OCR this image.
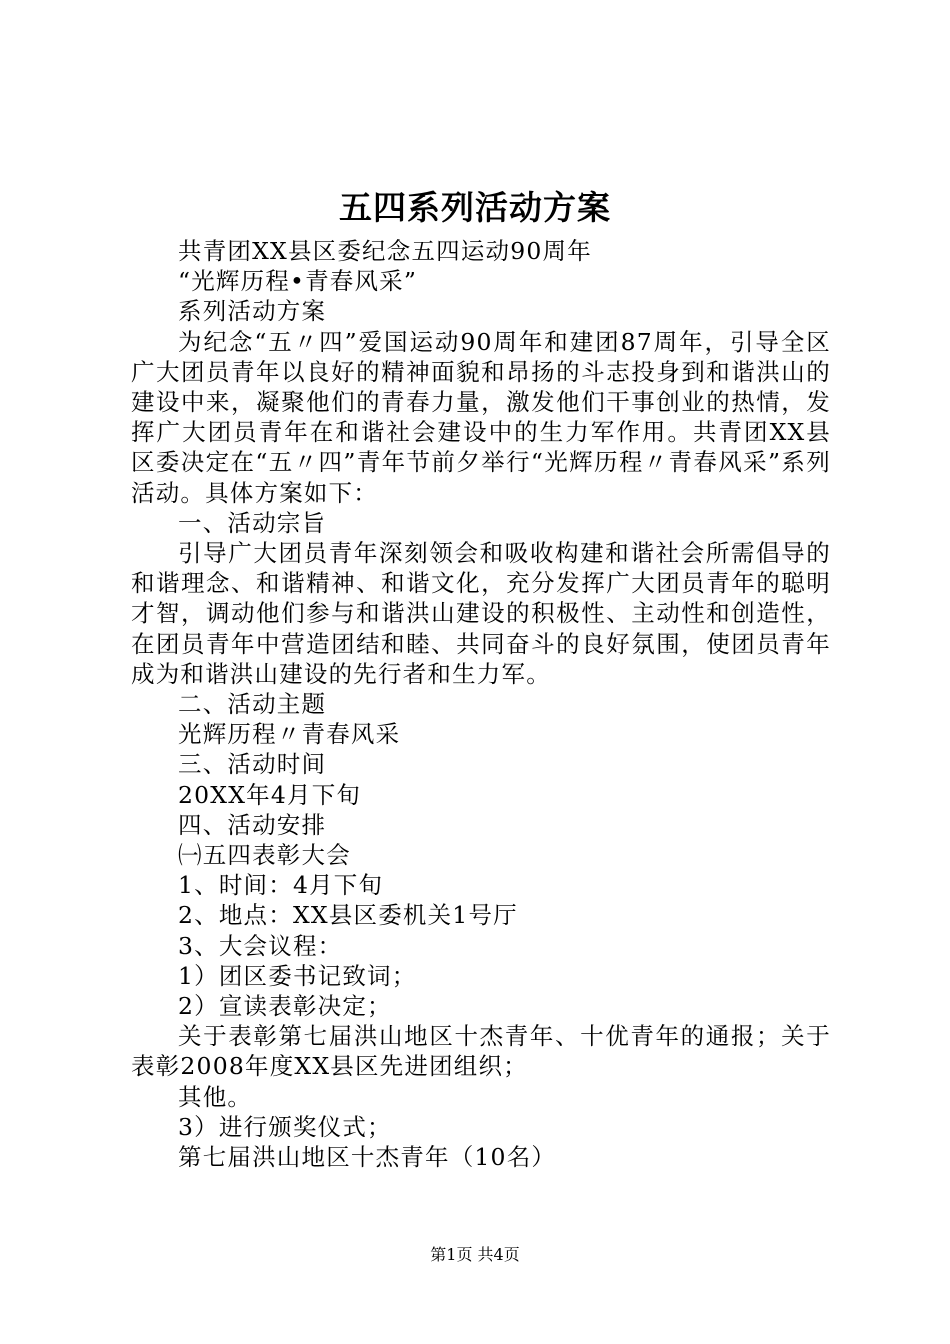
五四系列活动方案

共青团XX县区委纪念五四运动90周年

“光辉历程•青春风采”

系列活动方案

为纪念“五〃四”爱国运动90周年和建团87周年，引导全区广大团员青年以良好的精神面貌和昂扬的斗志投身到和谐洪山的建设中来，凝聚他们的青春力量，激发他们干事创业的热情，发挥广大团员青年在和谐社会建设中的生力军作用。共青团XX县区委决定在“五〃四”青年节前夕举行“光辉历程〃青春风采”系列活动。具体方案如下：

一、活动宗旨

引导广大团员青年深刻领会和吸收构建和谐社会所需倡导的和谐理念、和谐精神、和谐文化，充分发挥广大团员青年的聪明才智，调动他们参与和谐洪山建设的积极性、主动性和创造性，在团员青年中营造团结和睦、共同奋斗的良好氛围，使团员青年成为和谐洪山建设的先行者和生力军。

二、活动主题

光辉历程〃青春风采

三、活动时间

20XX年4月下旬

四、活动安排

㈠五四表彰大会

1、时间：4月下旬

2、地点：XX县区委机关1号厅

3、大会议程：

1）团区委书记致词；

2）宣读表彰决定；

关于表彰第七届洪山地区十杰青年、十优青年的通报；关于表彰2008年度XX县区先进团组织；

其他。

3）进行颁奖仪式；

第七届洪山地区十杰青年（10名）

第1页 共4页
